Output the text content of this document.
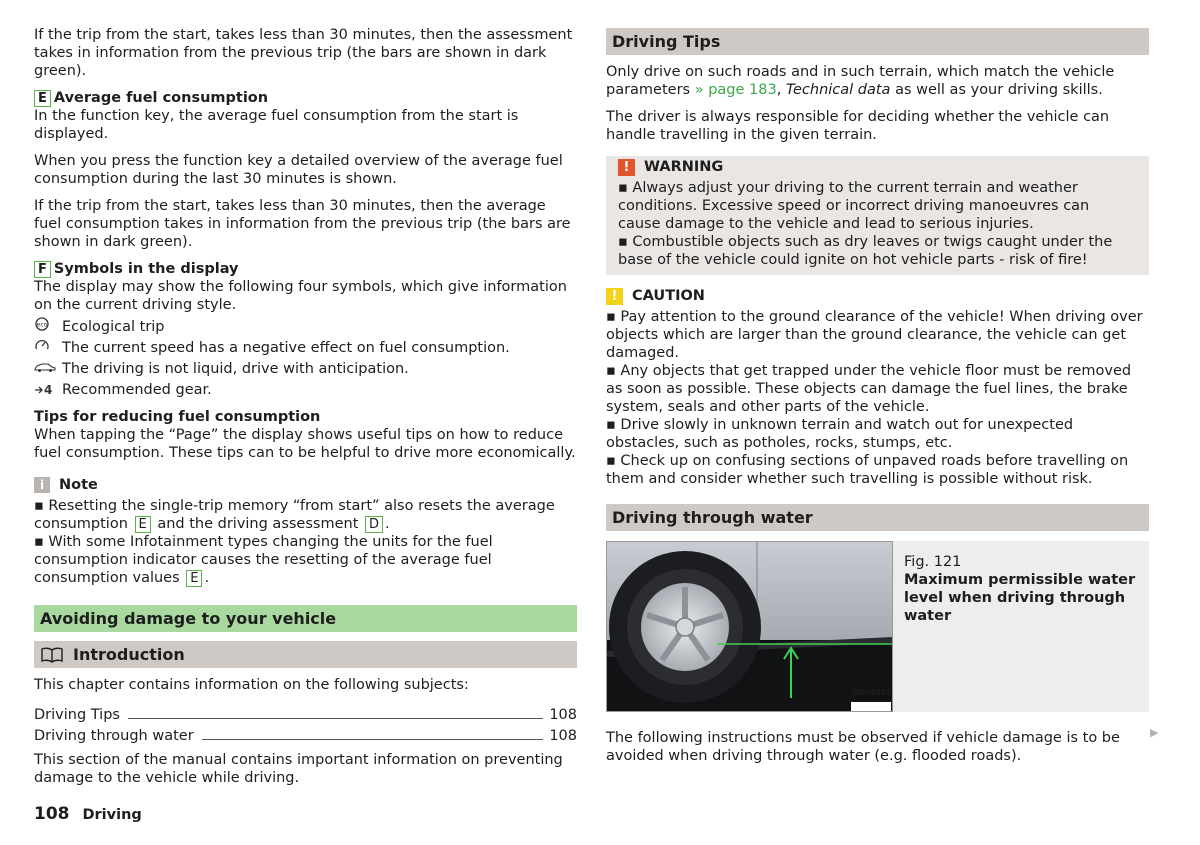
If the trip from the start, takes less than 30 minutes, then the assessment takes in information from the previous trip (the bars are shown in dark green).

E Average fuel consumption

In the function key, the average fuel consumption from the start is displayed.

When you press the function key a detailed overview of the average fuel consumption during the last 30 minutes is shown.

If the trip from the start, takes less than 30 minutes, then the average fuel consumption takes in information from the previous trip (the bars are shown in dark green).

F Symbols in the display

The display may show the following four symbols, which give information on the current driving style.

eco Ecological trip
The current speed has a negative effect on fuel consumption.
The driving is not liquid, drive with anticipation.
4 Recommended gear.
Tips for reducing fuel consumption

When tapping the “Page” the display shows useful tips on how to reduce fuel consumption. These tips can to be helpful to drive more economically.

i	Note
▪ Resetting the single-trip memory “from start” also resets the average consumption E and the driving assessment D .
▪ With some Infotainment types changing the units for the fuel consumption indicator causes the resetting of the average fuel consumption values E .
Avoiding damage to your vehicle
Introduction

This chapter contains information on the following subjects:

Driving Tips	108
Driving through water	108

This section of the manual contains important information on preventing damage to the vehicle while driving.

Driving Tips

Only drive on such roads and in such terrain, which match the vehicle parameters » page 183, Technical data as well as your driving skills.

The driver is always responsible for deciding whether the vehicle can handle travelling in the given terrain.

!	WARNING
▪ Always adjust your driving to the current terrain and weather conditions. Excessive speed or incorrect driving manoeuvres can cause damage to the vehicle and lead to serious injuries.
▪ Combustible objects such as dry leaves or twigs caught under the base of the vehicle could ignite on hot vehicle parts - risk of fire!
!	CAUTION
▪ Pay attention to the ground clearance of the vehicle! When driving over objects which are larger than the ground clearance, the vehicle can get damaged.
▪ Any objects that get trapped under the vehicle floor must be removed as soon as possible. These objects can damage the fuel lines, the brake system, seals and other parts of the vehicle.
▪ Drive slowly in unknown terrain and watch out for unexpected obstacles, such as potholes, rocks, stumps, etc.
▪ Check up on confusing sections of unpaved roads before travelling on them and consider whether such travelling is possible without risk.
Driving through water
Fig. 121
Maximum permissible water level when driving through water
BNH-0440

The following instructions must be observed if vehicle damage is to be avoided when driving through water (e.g. flooded roads).

▶
108 Driving
